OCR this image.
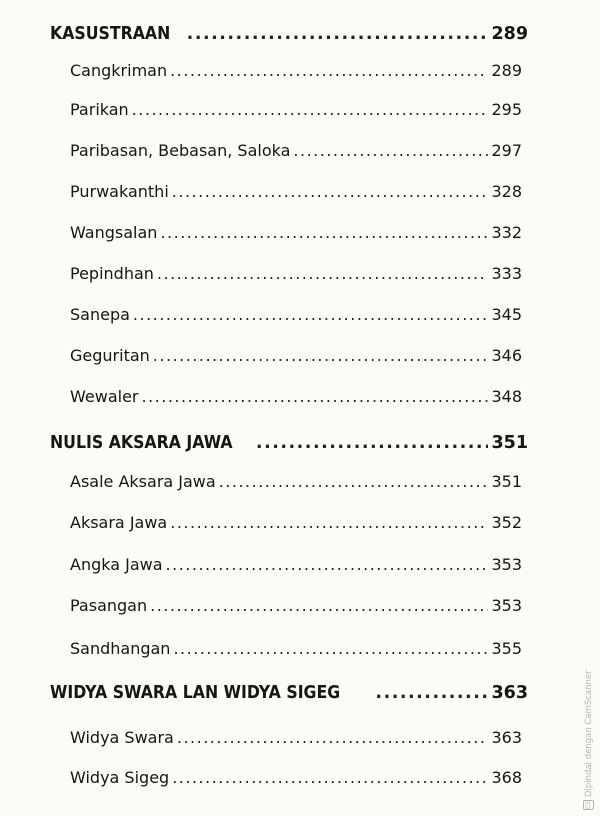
KASUSTRAAN .....	289
Cangkriman .....	289
Parikan .....	295
Paribasan, Bebasan, Saloka .....	297
Purwakanthi .....	328
Wangsalan .....	332
Pepindhan .....	333
Sanepa .....	345
Geguritan .....	346
Wewaler .....	348
NULIS AKSARA JAWA .....	351
Asale Aksara Jawa .....	351
Aksara Jawa .....	352
Angka Jawa .....	353
Pasangan .....	353
Sandhangan .....	355
WIDYA SWARA LAN WIDYA SIGEG .....	363
Widya Swara .....	363
Widya Sigeg .....	368
CS
Dipindai dengan CamScanner
